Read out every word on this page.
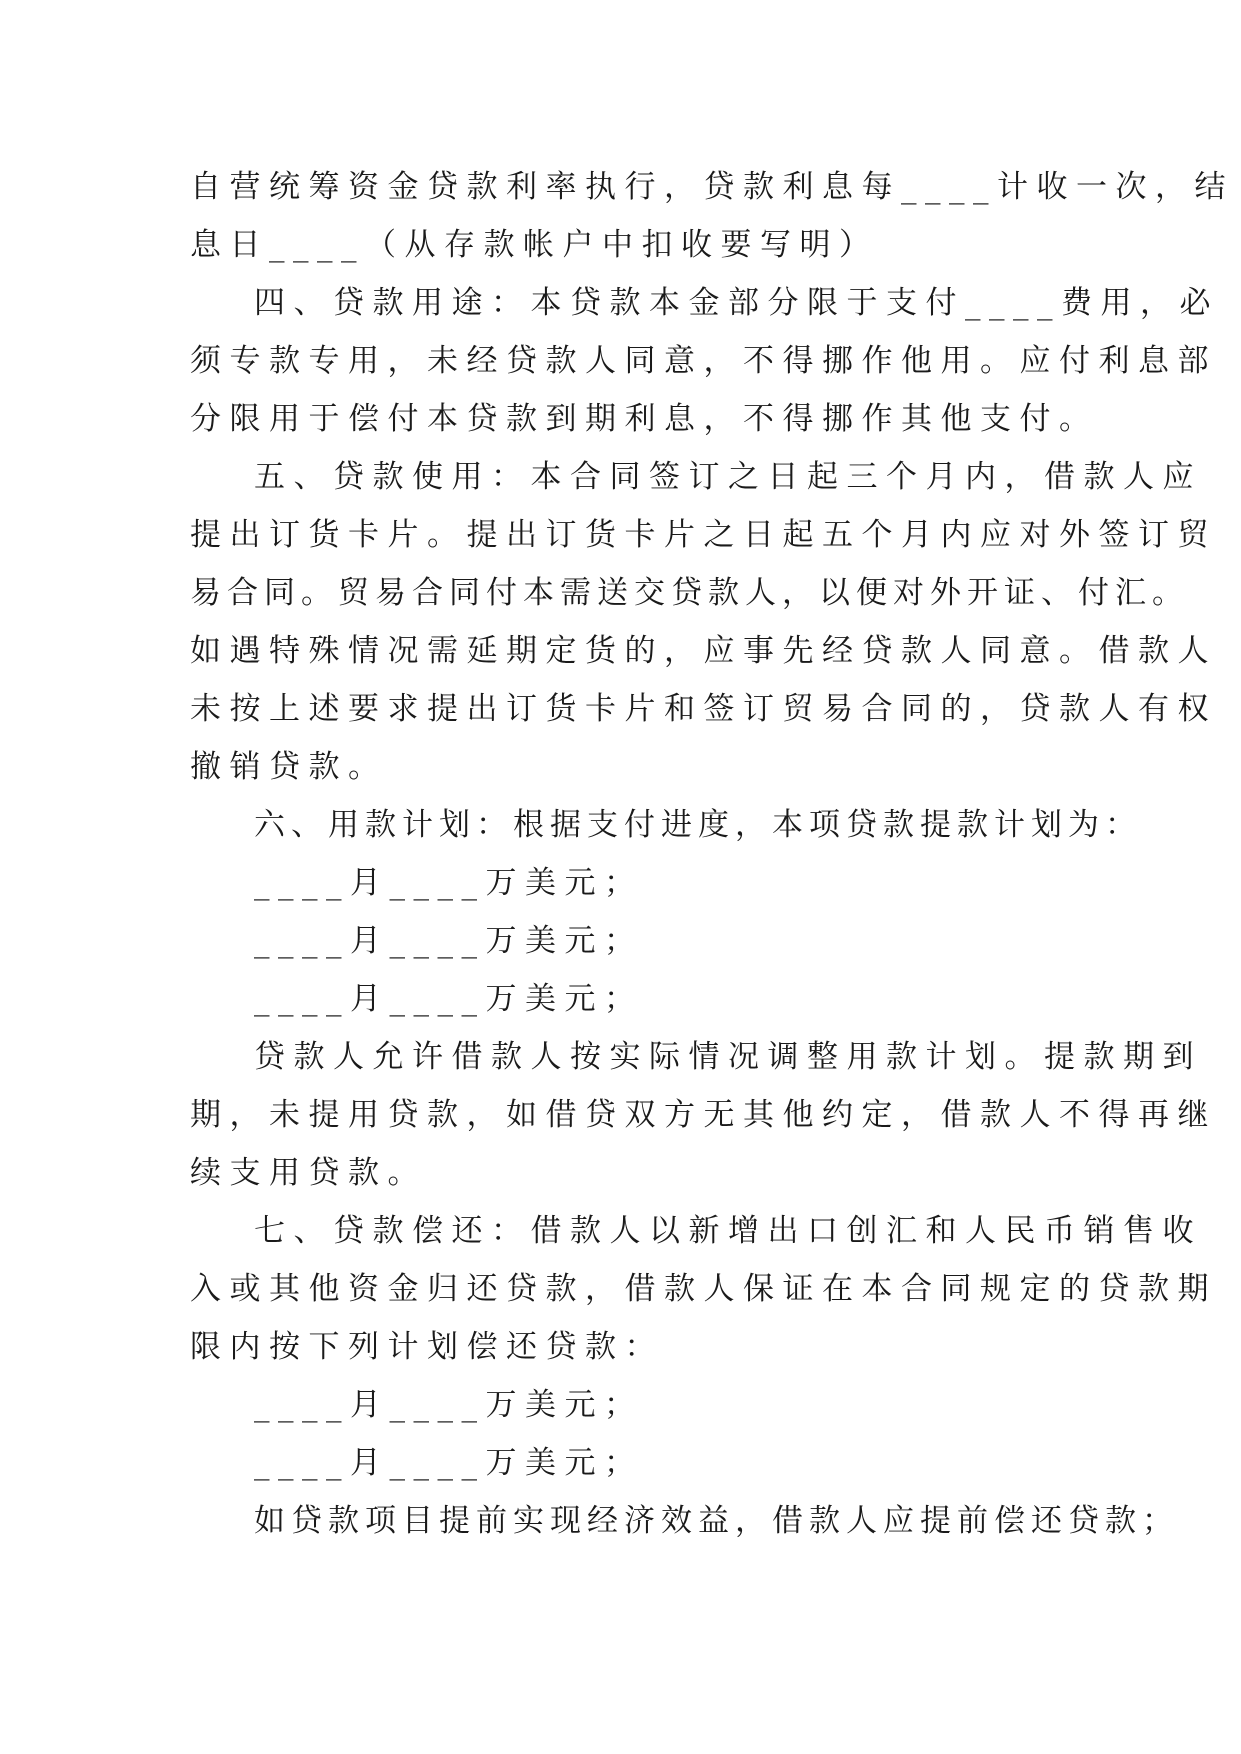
自营统筹资金贷款利率执行，贷款利息每____计收一次，结
息日____（从存款帐户中扣收要写明）
四、贷款用途：本贷款本金部分限于支付____费用，必
须专款专用，未经贷款人同意，不得挪作他用。应付利息部
分限用于偿付本贷款到期利息，不得挪作其他支付。
五、贷款使用：本合同签订之日起三个月内，借款人应
提出订货卡片。提出订货卡片之日起五个月内应对外签订贸
易合同。贸易合同付本需送交贷款人，以便对外开证、付汇。
如遇特殊情况需延期定货的，应事先经贷款人同意。借款人
未按上述要求提出订货卡片和签订贸易合同的，贷款人有权
撤销贷款。
六、用款计划：根据支付进度，本项贷款提款计划为：
____月____万美元；
____月____万美元；
____月____万美元；
贷款人允许借款人按实际情况调整用款计划。提款期到
期，未提用贷款，如借贷双方无其他约定，借款人不得再继
续支用贷款。
七、贷款偿还：借款人以新增出口创汇和人民币销售收
入或其他资金归还贷款，借款人保证在本合同规定的贷款期
限内按下列计划偿还贷款：
____月____万美元；
____月____万美元；
如贷款项目提前实现经济效益，借款人应提前偿还贷款；
